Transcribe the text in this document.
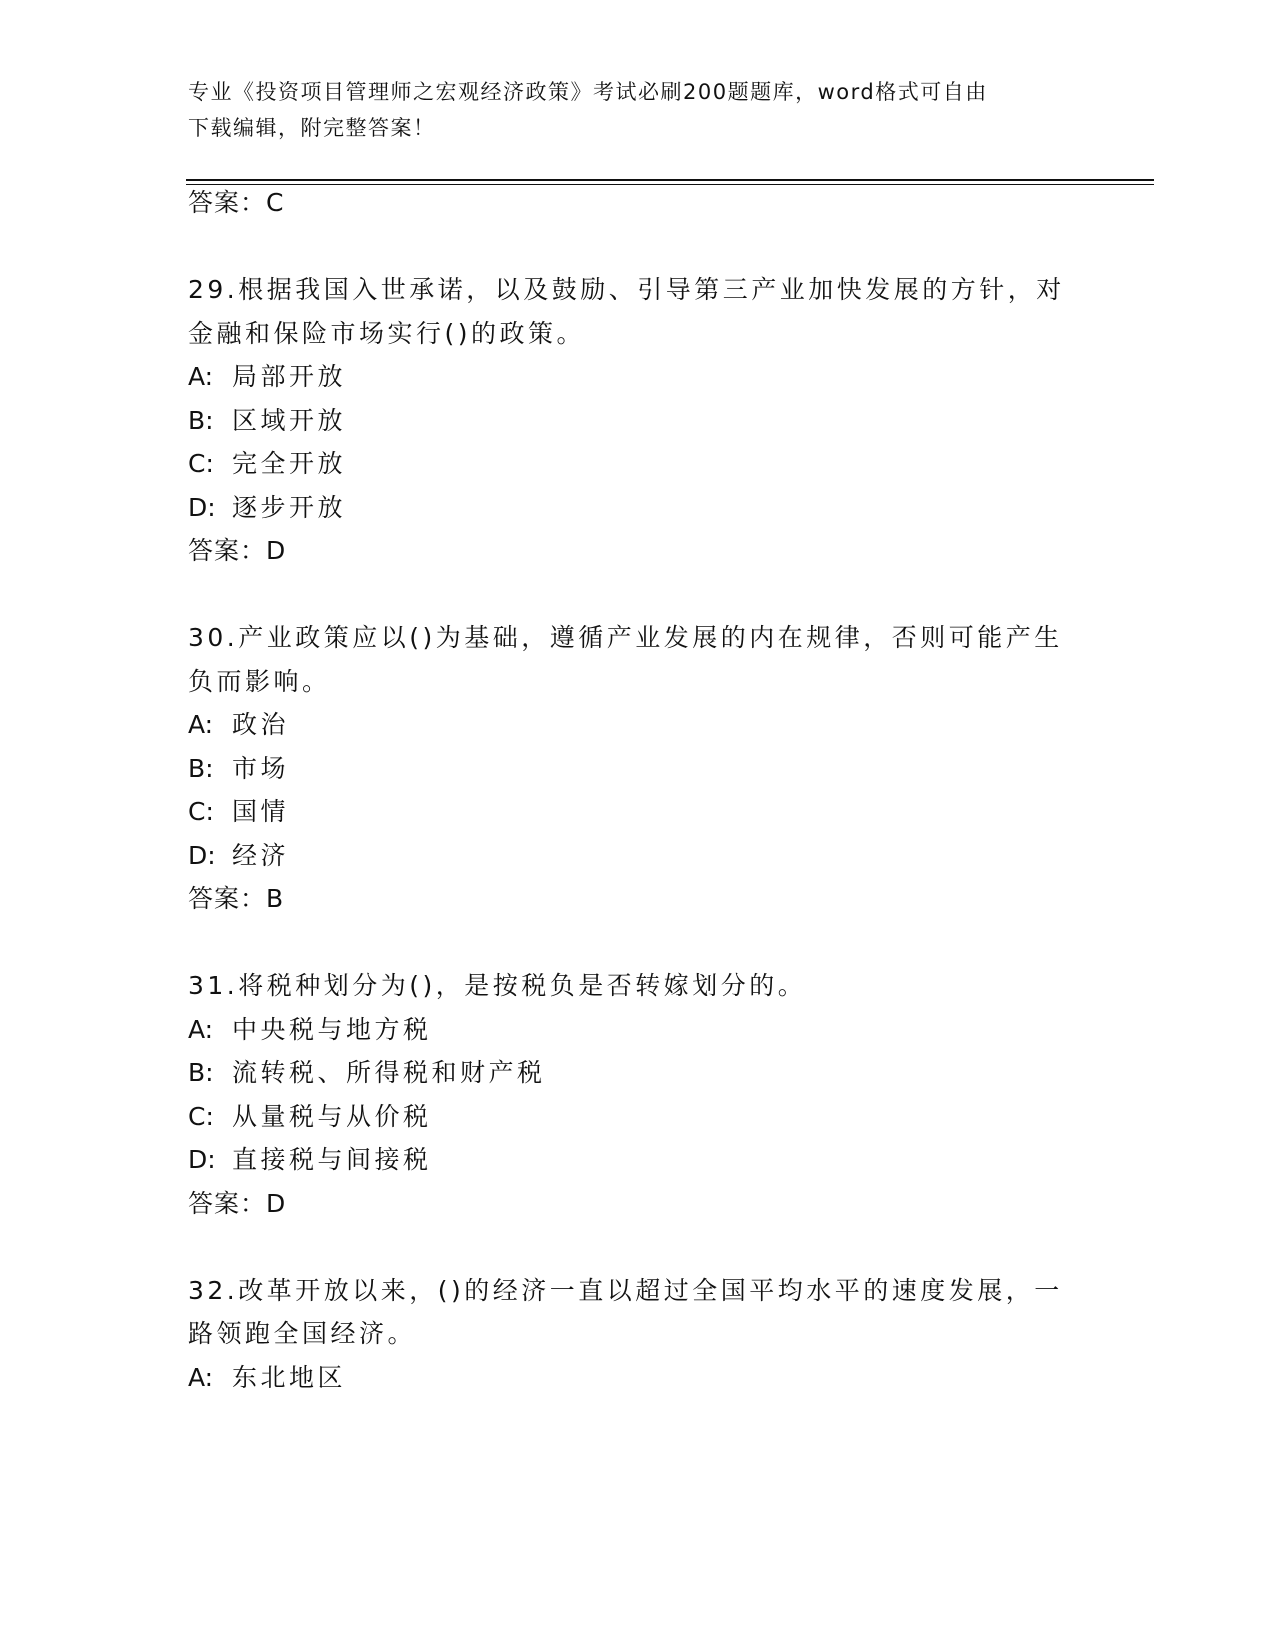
专业《投资项目管理师之宏观经济政策》考试必刷200题题库，word格式可自由
下载编辑，附完整答案！
答案：C
29.根据我国入世承诺，以及鼓励、引导第三产业加快发展的方针，对
金融和保险市场实行()的政策。
A: 局部开放
B: 区域开放
C: 完全开放
D: 逐步开放
答案：D
30.产业政策应以()为基础，遵循产业发展的内在规律，否则可能产生
负而影响。
A: 政治
B: 市场
C: 国情
D: 经济
答案：B
31.将税种划分为()，是按税负是否转嫁划分的。
A: 中央税与地方税
B: 流转税、所得税和财产税
C: 从量税与从价税
D: 直接税与间接税
答案：D
32.改革开放以来，()的经济一直以超过全国平均水平的速度发展，一
路领跑全国经济。
A: 东北地区
